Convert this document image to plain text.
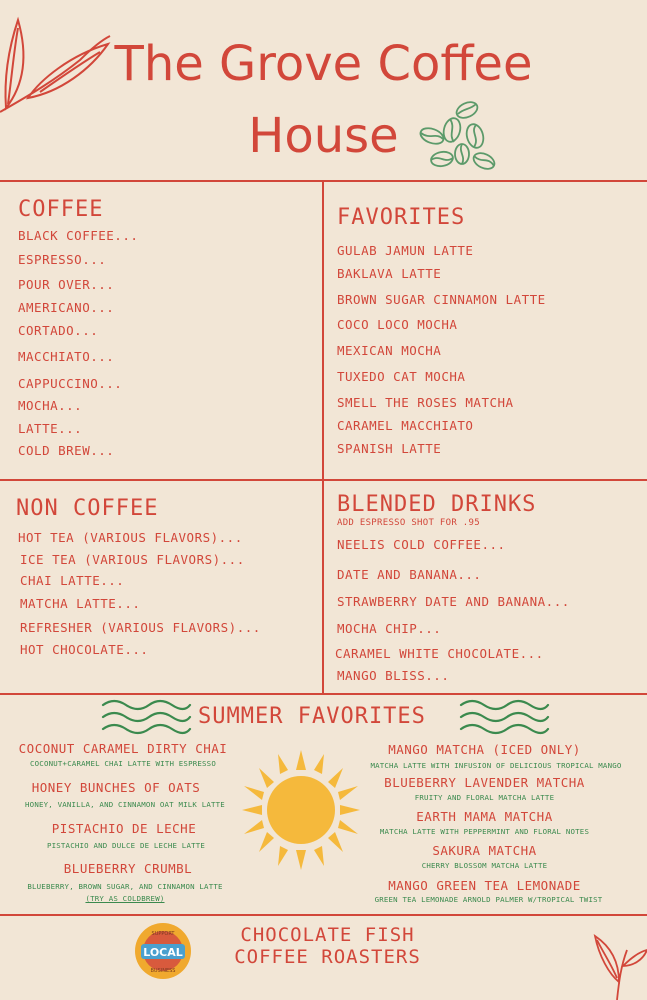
The Grove Coffee
House
COFFEE
BLACK COFFEE...
ESPRESSO...
POUR OVER...
AMERICANO...
CORTADO...
MACCHIATO...
CAPPUCCINO...
MOCHA...
LATTE...
COLD BREW...
FAVORITES
GULAB JAMUN LATTE
BAKLAVA LATTE
BROWN SUGAR CINNAMON LATTE
COCO LOCO MOCHA
MEXICAN MOCHA
TUXEDO CAT MOCHA
SMELL THE ROSES MATCHA
CARAMEL MACCHIATO
SPANISH LATTE
NON COFFEE
HOT TEA (VARIOUS FLAVORS)...
ICE TEA (VARIOUS FLAVORS)...
CHAI LATTE...
MATCHA LATTE...
REFRESHER (VARIOUS FLAVORS)...
HOT CHOCOLATE...
BLENDED DRINKS
ADD ESPRESSO SHOT FOR .95
NEELIS COLD COFFEE...
DATE AND BANANA...
STRAWBERRY DATE AND BANANA...
MOCHA CHIP...
CARAMEL WHITE CHOCOLATE...
MANGO BLISS...
SUMMER FAVORITES
COCONUT CARAMEL DIRTY CHAI
COCONUT+CARAMEL CHAI LATTE WITH ESPRESSO
HONEY BUNCHES OF OATS
HONEY, VANILLA, AND CINNAMON OAT MILK LATTE
PISTACHIO DE LECHE
PISTACHIO AND DULCE DE LECHE LATTE
BLUEBERRY CRUMBL
BLUEBERRY, BROWN SUGAR, AND CINNAMON LATTE
(TRY AS COLDBREW)
MANGO MATCHA (ICED ONLY)
MATCHA LATTE WITH INFUSION OF DELICIOUS TROPICAL MANGO
BLUEBERRY LAVENDER MATCHA
FRUITY AND FLORAL MATCHA LATTE
EARTH MAMA MATCHA
MATCHA LATTE WITH PEPPERMINT AND FLORAL NOTES
SAKURA MATCHA
CHERRY BLOSSOM MATCHA LATTE
MANGO GREEN TEA LEMONADE
GREEN TEA LEMONADE ARNOLD PALMER W/TROPICAL TWIST
LOCAL
SUPPORT
BUSINESS
CHOCOLATE FISH
COFFEE ROASTERS
